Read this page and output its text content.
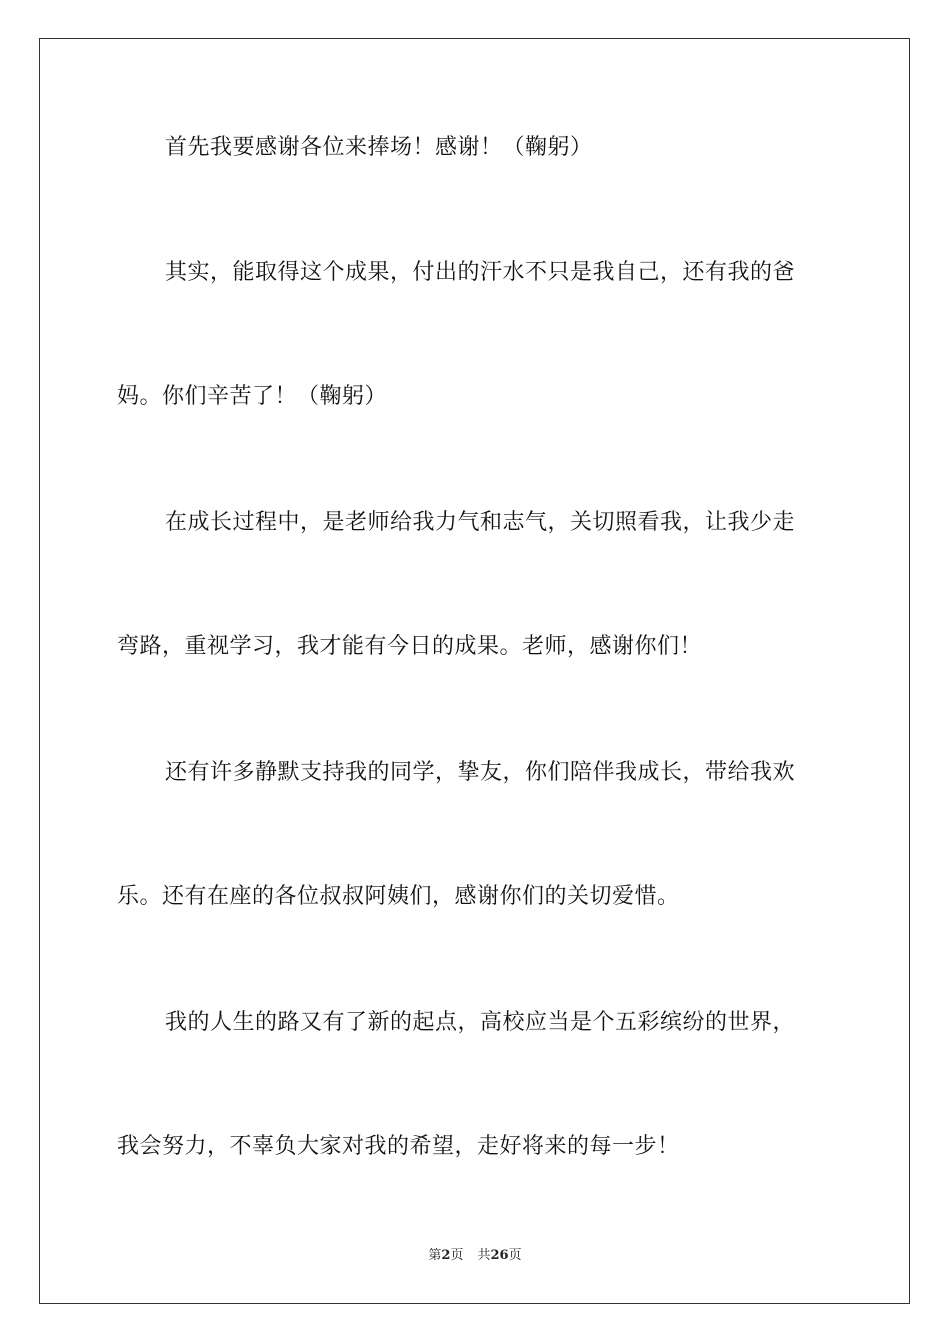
首先我要感谢各位来捧场！感谢！（鞠躬）
其实，能取得这个成果，付出的汗水不只是我自己，还有我的爸
妈。你们辛苦了！（鞠躬）
在成长过程中，是老师给我力气和志气，关切照看我，让我少走
弯路，重视学习，我才能有今日的成果。老师，感谢你们！
还有许多静默支持我的同学，挚友，你们陪伴我成长，带给我欢
乐。还有在座的各位叔叔阿姨们，感谢你们的关切爱惜。
我的人生的路又有了新的起点，高校应当是个五彩缤纷的世界，
我会努力，不辜负大家对我的希望，走好将来的每一步！
第2页 共26页
